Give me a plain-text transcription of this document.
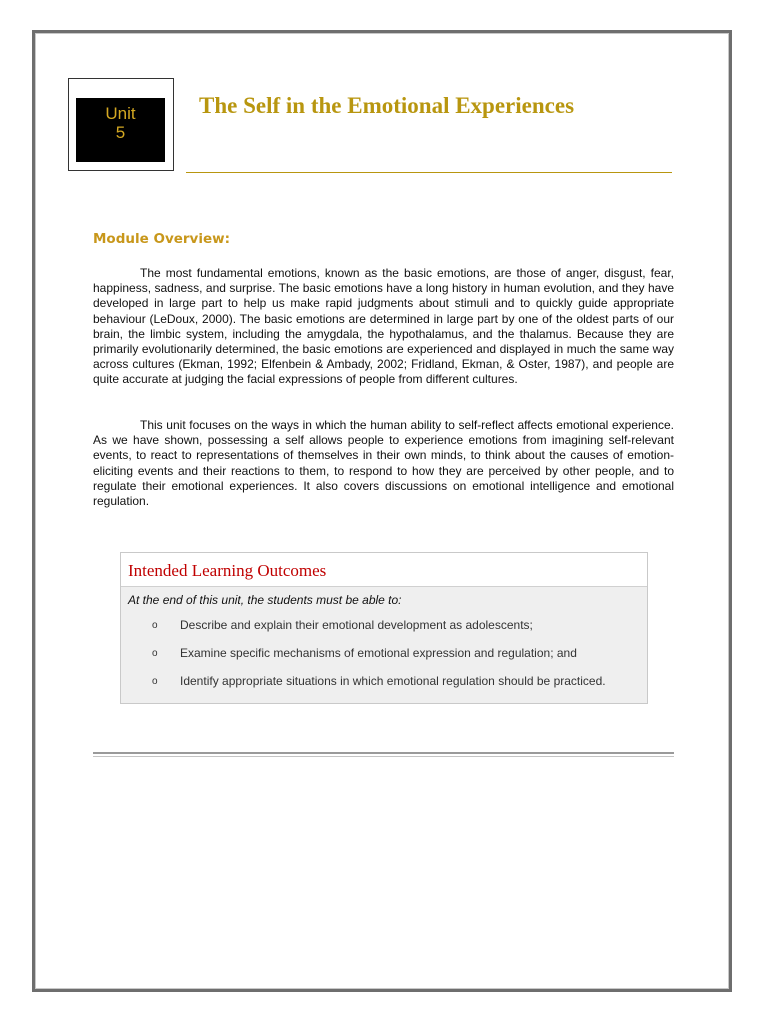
Unit
5
The Self in the Emotional Experiences
Module Overview:

The most fundamental emotions, known as the basic emotions, are those of anger, disgust, fear, happiness, sadness, and surprise. The basic emotions have a long history in human evolution, and they have developed in large part to help us make rapid judgments about stimuli and to quickly guide appropriate behaviour (LeDoux, 2000). The basic emotions are determined in large part by one of the oldest parts of our brain, the limbic system, including the amygdala, the hypothalamus, and the thalamus. Because they are primarily evolutionarily determined, the basic emotions are experienced and displayed in much the same way across cultures (Ekman, 1992; Elfenbein & Ambady, 2002; Fridland, Ekman, & Oster, 1987), and people are quite accurate at judging the facial expressions of people from different cultures.

This unit focuses on the ways in which the human ability to self-reflect affects emotional experience. As we have shown, possessing a self allows people to experience emotions from imagining self-relevant events, to react to representations of themselves in their own minds, to think about the causes of emotion-eliciting events and their reactions to them, to respond to how they are perceived by other people, and to regulate their emotional experiences. It also covers discussions on emotional intelligence and emotional regulation.

Intended Learning Outcomes
At the end of this unit, the students must be able to:
o	Describe and explain their emotional development as adolescents;
o	Examine specific mechanisms of emotional expression and regulation; and
o	Identify appropriate situations in which emotional regulation should be practiced.
